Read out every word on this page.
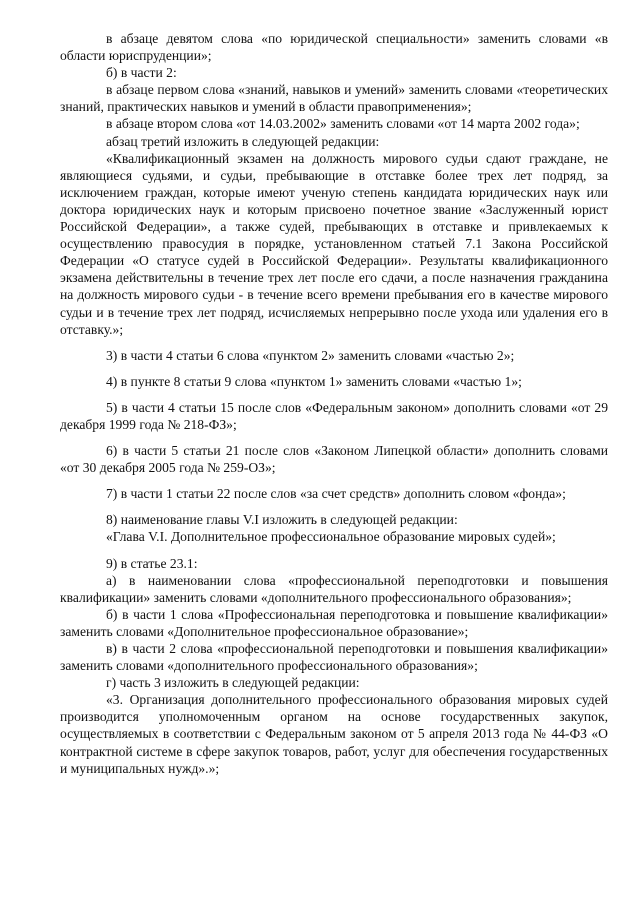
в абзаце девятом слова «по юридической специальности» заменить словами «в области юриспруденции»;

б) в части 2:

в абзаце первом слова «знаний, навыков и умений» заменить словами «теоретических знаний, практических навыков и умений в области правоприменения»;

в абзаце втором слова «от 14.03.2002» заменить словами «от 14 марта 2002 года»;

абзац третий изложить в следующей редакции:

«Квалификационный экзамен на должность мирового судьи сдают граждане, не являющиеся судьями, и судьи, пребывающие в отставке более трех лет подряд, за исключением граждан, которые имеют ученую степень кандидата юридических наук или доктора юридических наук и которым присвоено почетное звание «Заслуженный юрист Российской Федерации», а также судей, пребывающих в отставке и привлекаемых к осуществлению правосудия в порядке, установленном статьей 7.1 Закона Российской Федерации «О статусе судей в Российской Федерации». Результаты квалификационного экзамена действительны в течение трех лет после его сдачи, а после назначения гражданина на должность мирового судьи - в течение всего времени пребывания его в качестве мирового судьи и в течение трех лет подряд, исчисляемых непрерывно после ухода или удаления его в отставку.»;

3) в части 4 статьи 6 слова «пунктом 2» заменить словами «частью 2»;

4) в пункте 8 статьи 9 слова «пунктом 1» заменить словами «частью 1»;

5) в части 4 статьи 15 после слов «Федеральным законом» дополнить словами «от 29 декабря 1999 года № 218-ФЗ»;

6) в части 5 статьи 21 после слов «Законом Липецкой области» дополнить словами «от 30 декабря 2005 года № 259-ОЗ»;

7) в части 1 статьи 22 после слов «за счет средств» дополнить словом «фонда»;

8) наименование главы V.I изложить в следующей редакции:

«Глава V.I. Дополнительное профессиональное образование мировых судей»;

9) в статье 23.1:

а) в наименовании слова «профессиональной переподготовки и повышения квалификации» заменить словами «дополнительного профессионального образования»;

б) в части 1 слова «Профессиональная переподготовка и повышение квалификации» заменить словами «Дополнительное профессиональное образование»;

в) в части 2 слова «профессиональной переподготовки и повышения квалификации» заменить словами «дополнительного профессионального образования»;

г) часть 3 изложить в следующей редакции:

«3. Организация дополнительного профессионального образования мировых судей производится уполномоченным органом на основе государственных закупок, осуществляемых в соответствии с Федеральным законом от 5 апреля 2013 года № 44-ФЗ «О контрактной системе в сфере закупок товаров, работ, услуг для обеспечения государственных и муниципальных нужд».»;
